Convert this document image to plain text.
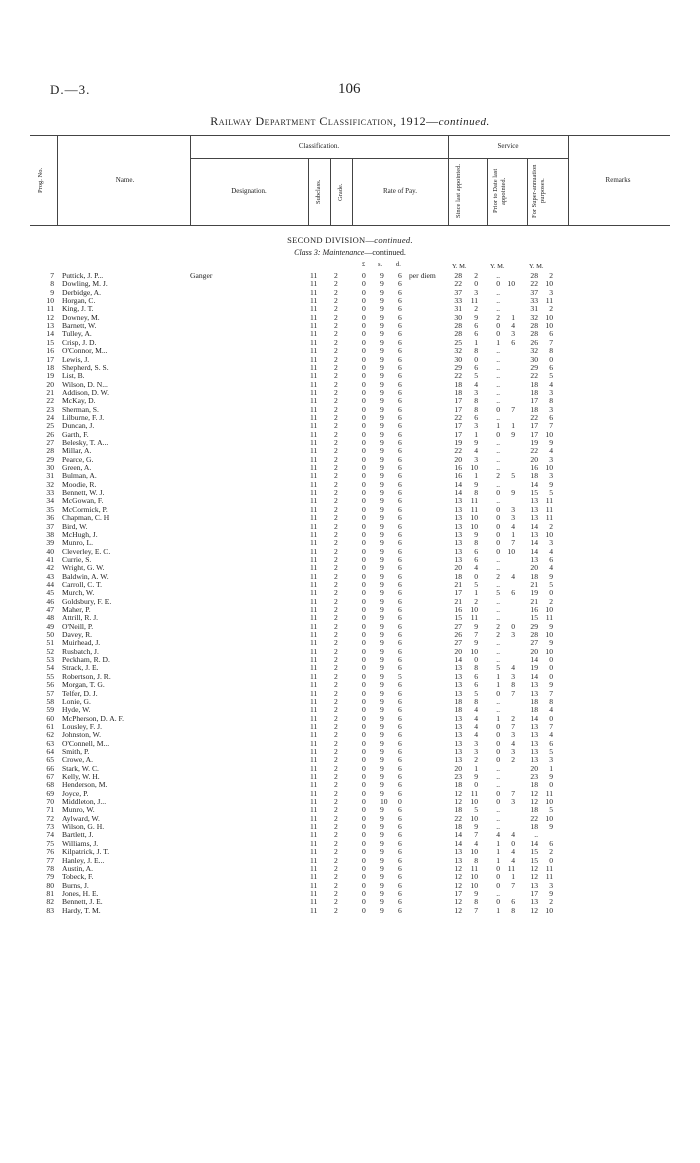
D.—3.	106
Railway Department Classification, 1912—continued.
Prog. No.	Name.
Classification.
Designation.	Subclass. Grade.	Rate of Pay.
Service
Since last appointed.	Prior to Date last appointed.	For Super-annuation purposes.	Remarks
SECOND DIVISION—continued.
Class 3: Maintenance—continued.
£ s. d.	Y. M.	Y. M.	Y. M.
7 Puttick, J. P...	Ganger	11 2	0 9 6 per diem	28	2	..	28	2
8 Dowling, M. J.	11 2	0 9 6	22	0	0 10	22 10
9 Derbidge, A.	11 2	0 9 6	37	3	..	37	3
10 Horgan, C.	11 2	0 9 6	33	11	..	33	11
11 King, J. T.	11 2	0 9 6	31	2	..	31	2
12 Downey, M.	11 2	0 9 6	30	9	2	1	32 10
13 Barnett, W.	11 2	0 9 6	28	6	0	4	28 10
14 Tulley, A.	11 2	0 9 6	28	6	0	3	28	6
15 Crisp, J. D.	11 2	0 9 6	25	1	1	6	26	7
16 O'Connor, M...	11 2	0 9 6	32	8	..	32	8
17 Lewis, J.	11 2	0 9 6	30	0	..	30	0
18 Shepherd, S. S.	11 2	0 9 6	29	6	..	29	6
19 List, B.	11 2	0 9 6	22	5	..	22	5
20 Wilson, D. N...	11 2	0 9 6	18	4	..	18	4
21 Addison, D. W.	11 2	0 9 6	18	3	..	18	3
22 McKay, D.	11 2	0 9 6	17	8	..	17	8
23 Sherman, S.	11 2	0 9 6	17	8	0	7	18	3
24 Lilburne, F. J.	11 2	0 9 6	22	6	..	22	6
25 Duncan, J.	11 2	0 9 6	17	3	1	1	17	7
26 Garth, F.	11 2	0 9 6	17	1	0	9	17 10
27 Belesky, T. A...	11 2	0 9 6	19	9	..	19	9
28 Millar, A.	11 2	0 9 6	22	4	..	22	4
29 Pearce, G.	11 2	0 9 6	20	3	..	20	3
30 Green, A.	11 2	0 9 6	16	10	..	16 10
31 Bulman, A.	11 2	0 9 6	16	1	2	5	18	3
32 Moodie, R.	11 2	0 9 6	14	9	..	14	9
33 Bennett, W. J.	11 2	0 9 6	14	8	0	9	15	5
34 McGowan, F.	11 2	0 9 6	13	11	..	13	11
35 McCormick, P.	11 2	0 9 6	13	11	0	3	13	11
36 Chapman, C. H	11 2	0 9 6	13	10	0	3	13	11
37 Bird, W.	11 2	0 9 6	13	10	0	4	14	2
38 McHugh, J.	11 2	0 9 6	13	9	0	1	13 10
39 Munro, L.	11 2	0 9 6	13	8	0	7	14	3
40 Cleverley, E. C.	11 2	0 9 6	13	6	0 10	14	4
41 Currie, S.	11 2	0 9 6	13	6	..	13	6
42 Wright, G. W.	11 2	0 9 6	20	4	..	20	4
43 Baldwin, A. W.	11 2	0 9 6	18	0	2	4	18	9
44 Carroll, C. T.	11 2	0 9 6	21	5	..	21	5
45 Murch, W.	11 2	0 9 6	17	1	5	6	19	0
46 Goldsbury, F. E.	11 2	0 9 6	21	2	..	21	2
47 Maher, P.	11 2	0 9 6	16	10	..	16 10
48 Attrill, R. J.	11 2	0 9 6	15	11	..	15	11
49 O'Neill, P.	11 2	0 9 6	27	9	2	0	29	9
50 Davey, R.	11 2	0 9 6	26	7	2	3	28 10
51 Muirhead, J.	11 2	0 9 6	27	9	..	27	9
52 Rusbatch, J.	11 2	0 9 6	20	10	..	20 10
53 Peckham, R. D.	11 2	0 9 6	14	0	..	14	0
54 Strack, J. E.	11 2	0 9 6	13	8	5	4	19	0
55 Robertson, J. R.	11 2	0 9 5	13	6	1	3	14	0
56 Morgan, T. G.	11 2	0 9 6	13	6	1	8	13	9
57 Telfer, D. J.	11 2	0 9 6	13	5	0	7	13	7
58 Lonie, G.	11 2	0 9 6	18	8	..	18	8
59 Hyde, W.	11 2	0 9 6	18	4	..	18	4
60 McPherson, D. A. F.	11 2	0 9 6	13	4	1	2	14	0
61 Lousley, F. J.	11 2	0 9 6	13	4	0	7	13	7
62 Johnston, W.	11 2	0 9 6	13	4	0	3	13	4
63 O'Connell, M...	11 2	0 9 6	13	3	0	4	13	6
64 Smith, P.	11 2	0 9 6	13	3	0	3	13	5
65 Crowe, A.	11 2	0 9 6	13	2	0	2	13	3
66 Stark, W. C.	11 2	0 9 6	20	1	..	20	1
67 Kelly, W. H.	11 2	0 9 6	23	9	..	23	9
68 Henderson, M.	11 2	0 9 6	18	0	..	18	0
69 Joyce, P.	11 2	0 9 6	12	11	0	7	12	11
70 Middleton, J...	11 2	0 10 0	12	10	0	3	12 10
71 Munro, W.	11 2	0 9 6	18	5	..	18	5
72 Aylward, W.	11 2	0 9 6	22	10	..	22 10
73 Wilson, G. H.	11 2	0 9 6	18	9	..	18	9
74 Bartlett, J.	11 2	0 9 6	14	7	4	4	..
75 Williams, J.	11 2	0 9 6	14	4	1	0	14	6
76 Kilpatrick, J. T.	11 2	0 9 6	13	10	1	4	15	2
77 Hanley, J. E...	11 2	0 9 6	13	8	1	4	15	0
78 Austin, A.	11 2	0 9 6	12	11	0	11	12	11
79 Tobeck, F.	11 2	0 9 6	12	10	0	1	12	11
80 Burns, J.	11 2	0 9 6	12	10	0	7	13	3
81 Jones, H. E.	11 2	0 9 6	17	9	..	17	9
82 Bennett, J. E.	11 2	0 9 6	12	8	0	6	13	2
83 Hardy, T. M.	11 2	0 9 6	12	7	1	8	12 10
